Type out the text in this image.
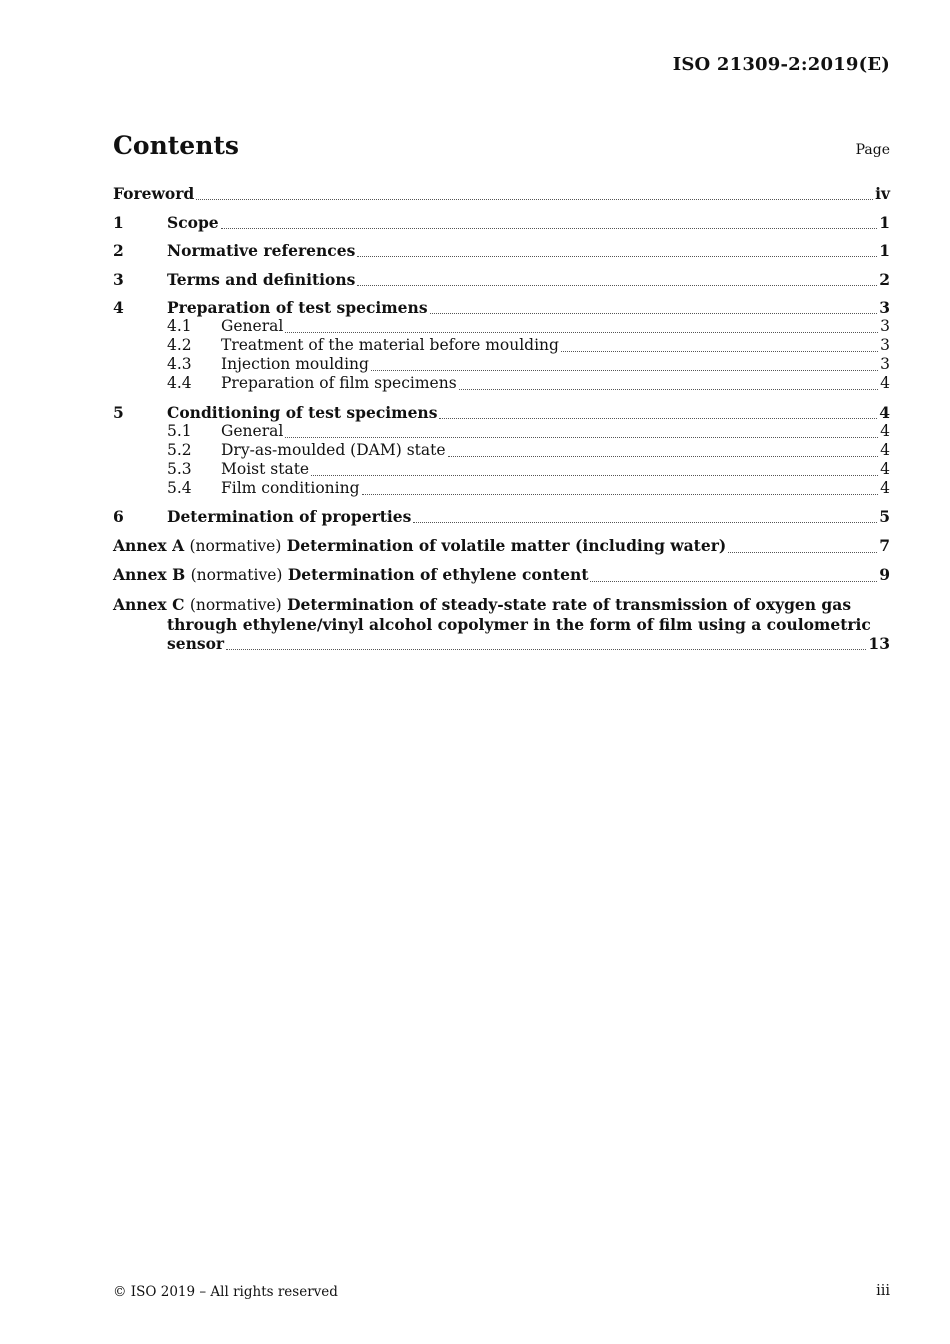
ISO 21309-2:2019(E)
Contents	Page
Foreword	iv
1	Scope	1
2	Normative references	1
3	Terms and definitions	2
4	Preparation of test specimens	3
4.1	General	3
4.2	Treatment of the material before moulding	3
4.3	Injection moulding	3
4.4	Preparation of film specimens	4
5	Conditioning of test specimens	4
5.1	General	4
5.2	Dry-as-moulded (DAM) state	4
5.3	Moist state	4
5.4	Film conditioning	4
6	Determination of properties	5
Annex A (normative) Determination of volatile matter (including water)	7
Annex B (normative) Determination of ethylene content	9
Annex C (normative) Determination of steady-state rate of transmission of oxygen gas
through ethylene/vinyl alcohol copolymer in the form of film using a coulometric
sensor	13
© ISO 2019 – All rights reserved	iii
